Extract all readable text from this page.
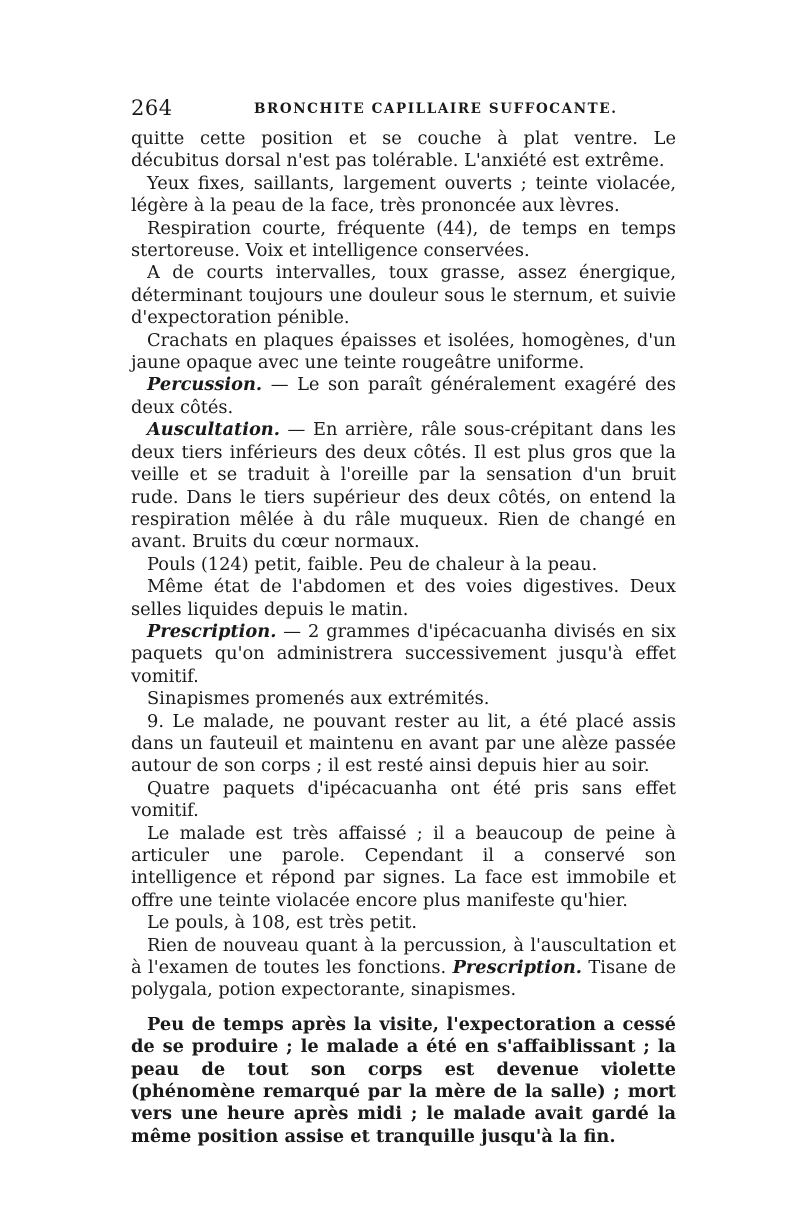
264	BRONCHITE CAPILLAIRE SUFFOCANTE.

quitte cette position et se couche à plat ventre. Le décubitus dorsal n'est pas tolérable. L'anxiété est extrême.

Yeux fixes, saillants, largement ouverts ; teinte violacée, légère à la peau de la face, très prononcée aux lèvres.

Respiration courte, fréquente (44), de temps en temps stertoreuse. Voix et intelligence conservées.

A de courts intervalles, toux grasse, assez énergique, déterminant toujours une douleur sous le sternum, et suivie d'expectoration pénible.

Crachats en plaques épaisses et isolées, homogènes, d'un jaune opaque avec une teinte rougeâtre uniforme.

Percussion. — Le son paraît généralement exagéré des deux côtés.

Auscultation. — En arrière, râle sous-crépitant dans les deux tiers inférieurs des deux côtés. Il est plus gros que la veille et se traduit à l'oreille par la sensation d'un bruit rude. Dans le tiers supérieur des deux côtés, on entend la respiration mêlée à du râle muqueux. Rien de changé en avant. Bruits du cœur normaux.

Pouls (124) petit, faible. Peu de chaleur à la peau.

Même état de l'abdomen et des voies digestives. Deux selles liquides depuis le matin.

Prescription. — 2 grammes d'ipécacuanha divisés en six paquets qu'on administrera successivement jusqu'à effet vomitif.

Sinapismes promenés aux extrémités.

9. Le malade, ne pouvant rester au lit, a été placé assis dans un fauteuil et maintenu en avant par une alèze passée autour de son corps ; il est resté ainsi depuis hier au soir.

Quatre paquets d'ipécacuanha ont été pris sans effet vomitif.

Le malade est très affaissé ; il a beaucoup de peine à articuler une parole. Cependant il a conservé son intelligence et répond par signes. La face est immobile et offre une teinte violacée encore plus manifeste qu'hier.

Le pouls, à 108, est très petit.

Rien de nouveau quant à la percussion, à l'auscultation et à l'examen de toutes les fonctions. Prescription. Tisane de polygala, potion expectorante, sinapismes.

Peu de temps après la visite, l'expectoration a cessé de se produire ; le malade a été en s'affaiblissant ; la peau de tout son corps est devenue violette (phénomène remarqué par la mère de la salle) ; mort vers une heure après midi ; le malade avait gardé la même position assise et tranquille jusqu'à la fin.
